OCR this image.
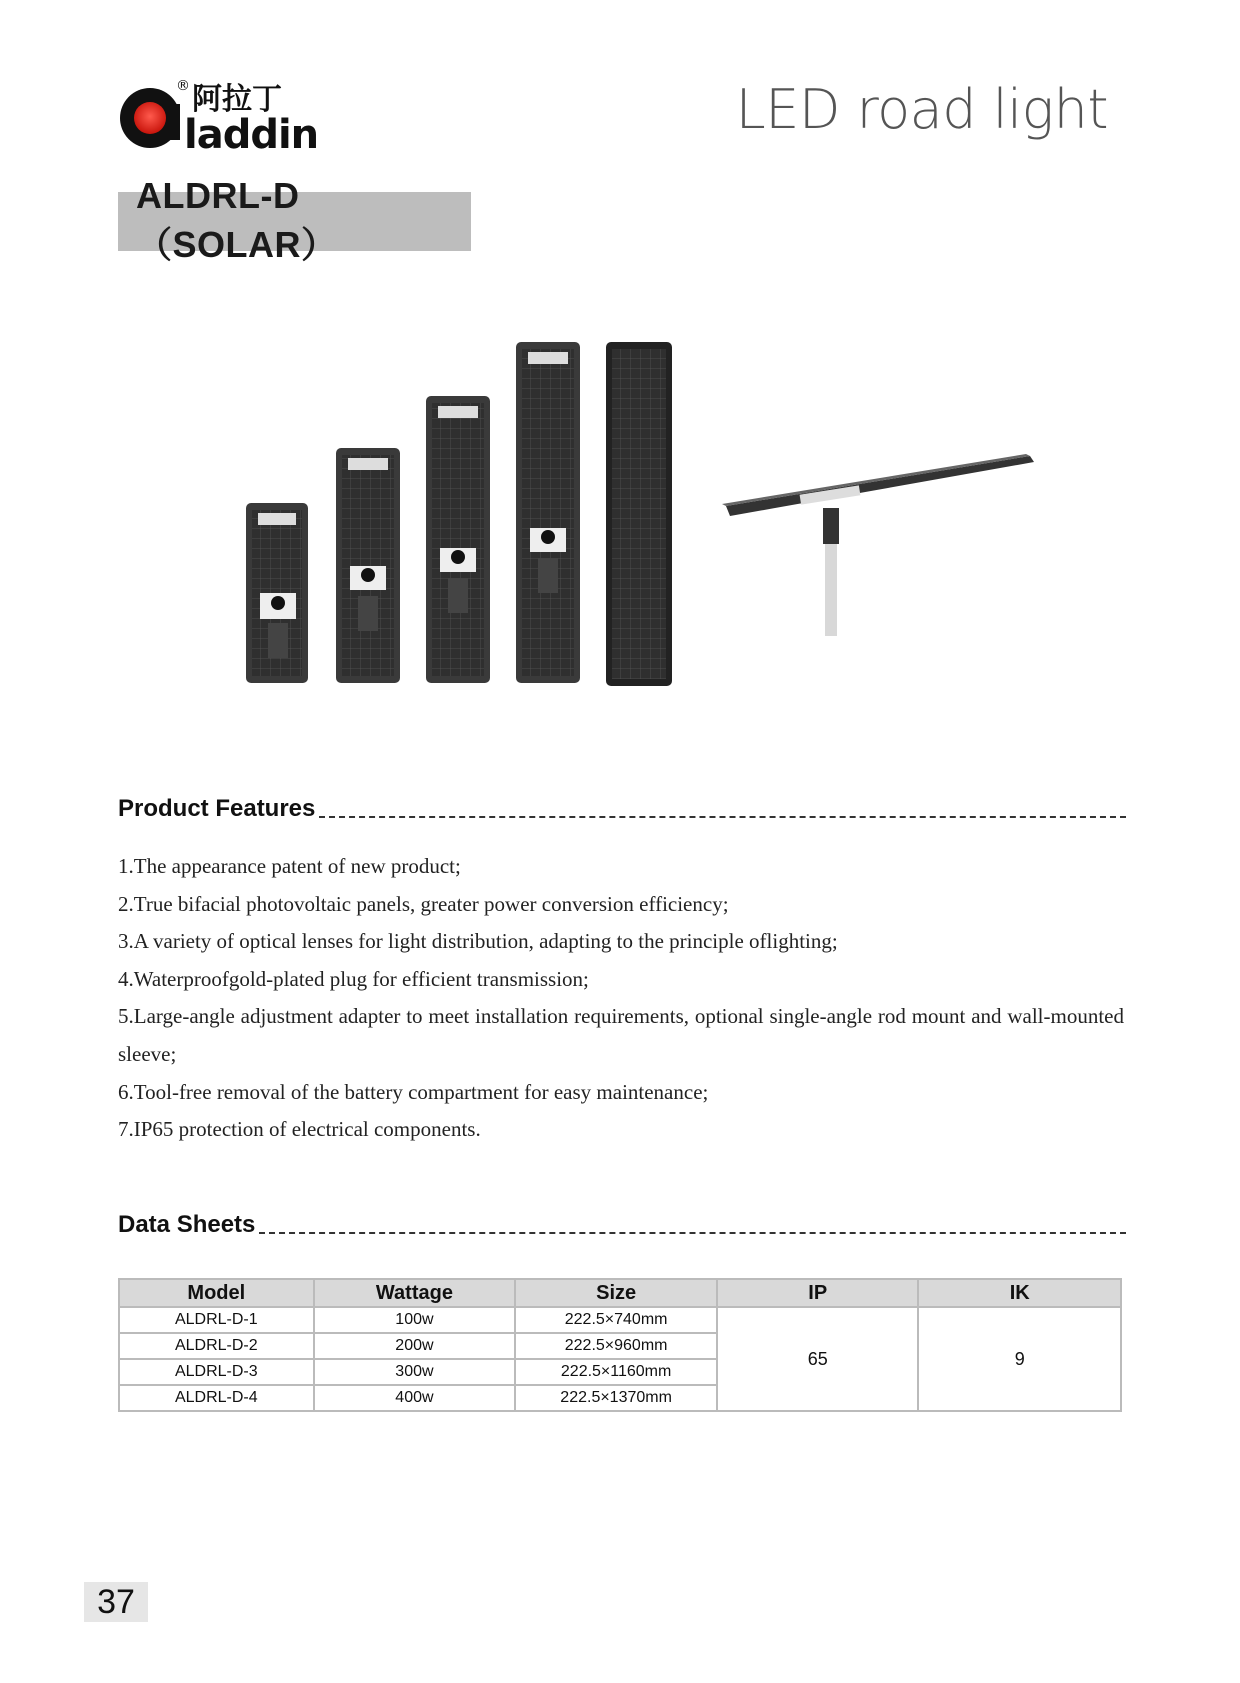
® 阿拉丁
laddin	LED road light
ALDRL-D（SOLAR）
Product Features
1.The appearance patent of new product;
2.True bifacial photovoltaic panels, greater power conversion efficiency;
3.A variety of optical lenses for light distribution, adapting to the principle oflighting;
4.Waterproofgold-plated plug for efficient transmission;
5.Large-angle adjustment adapter to meet installation requirements, optional single-angle rod mount and wall-mounted sleeve;
6.Tool-free removal of the battery compartment for easy maintenance;
7.IP65 protection of electrical components.
Data Sheets
Model	Wattage	Size	IP	IK
ALDRL-D-1	100w	222.5×740mm	65	9
ALDRL-D-2	200w	222.5×960mm		
ALDRL-D-3	300w	222.5×1160mm		
ALDRL-D-4	400w	222.5×1370mm		
37
